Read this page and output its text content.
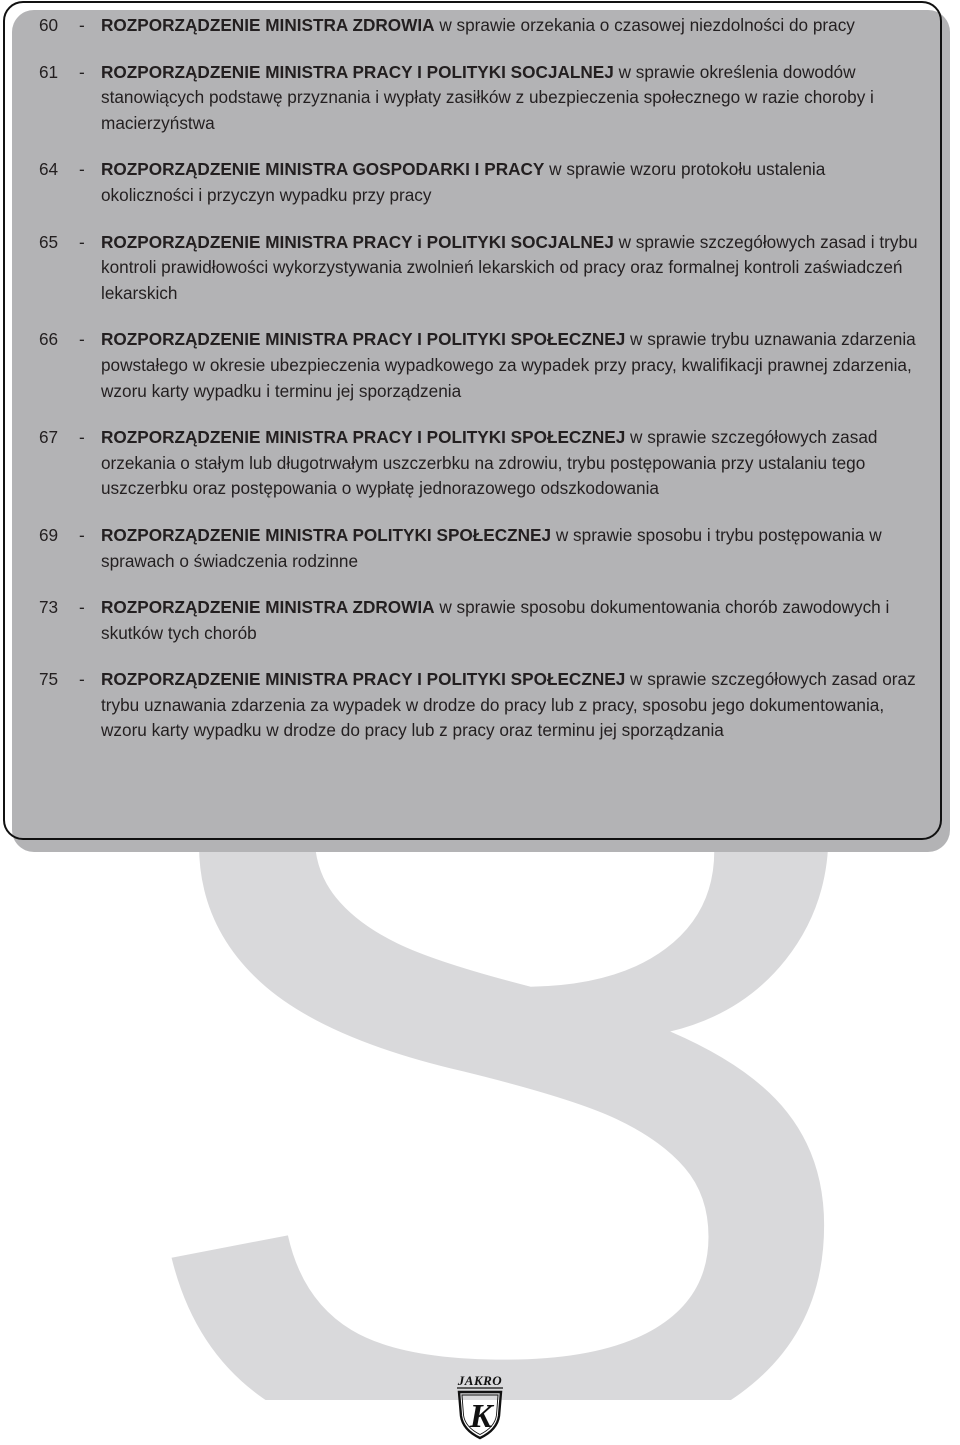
60	- ROZPORZĄDZENIE MINISTRA ZDROWIA w sprawie orzekania o czasowej niezdolności do pracy
61	- ROZPORZĄDZENIE MINISTRA PRACY I POLITYKI SOCJALNEJ w sprawie określenia dowodów stanowiących podstawę przyznania i wypłaty zasiłków z ubezpieczenia społecznego w razie choroby i macierzyństwa
64	- ROZPORZĄDZENIE MINISTRA GOSPODARKI I PRACY w sprawie wzoru protokołu ustalenia okoliczności i przyczyn wypadku przy pracy
65	- ROZPORZĄDZENIE MINISTRA PRACY i POLITYKI SOCJALNEJ w sprawie szczegółowych zasad i trybu kontroli prawidłowości wykorzystywania zwolnień lekarskich od pracy oraz formalnej kontroli zaświadczeń lekarskich
66	- ROZPORZĄDZENIE MINISTRA PRACY I POLITYKI SPOŁECZNEJ w sprawie trybu uznawania zdarzenia powstałego w okresie ubezpieczenia wypadkowego za wypadek przy pracy, kwalifikacji prawnej zdarzenia, wzoru karty wypadku i terminu jej sporządzenia
67	- ROZPORZĄDZENIE MINISTRA PRACY I POLITYKI SPOŁECZNEJ w sprawie szczegółowych zasad orzekania o stałym lub długotrwałym uszczerbku na zdrowiu, trybu postępowania przy ustalaniu tego uszczerbku oraz postępowania o wypłatę jednorazowego odszkodowania
69	- ROZPORZĄDZENIE MINISTRA POLITYKI SPOŁECZNEJ w sprawie sposobu i trybu postępowania w sprawach o świadczenia rodzinne
73	- ROZPORZĄDZENIE MINISTRA ZDROWIA w sprawie sposobu dokumentowania chorób zawodowych i skutków tych chorób
75	- ROZPORZĄDZENIE MINISTRA PRACY I POLITYKI SPOŁECZNEJ w sprawie szczegółowych zasad oraz trybu uznawania zdarzenia za wypadek w drodze do pracy lub z pracy, sposobu jego dokumentowania, wzoru karty wypadku w drodze do pracy lub z pracy oraz terminu jej sporządzania
JAKRO
K
